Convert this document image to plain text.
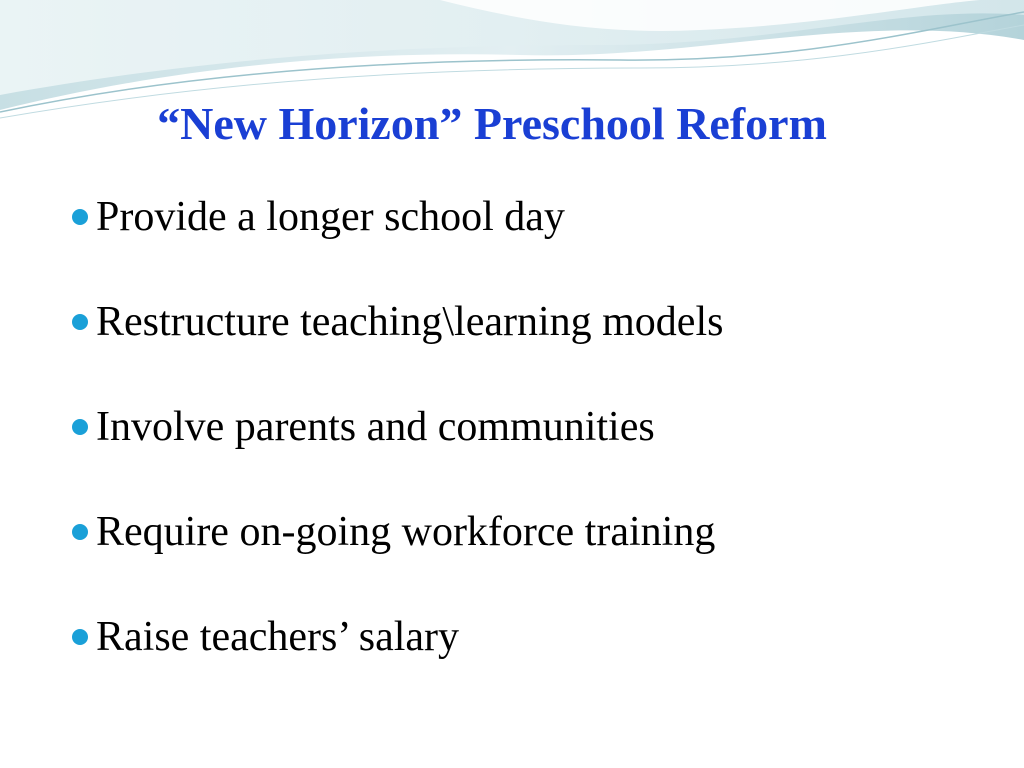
“New Horizon” Preschool Reform
Provide a longer school day
Restructure teaching\learning models
Involve parents and communities
Require on-going workforce training
Raise teachers’ salary
